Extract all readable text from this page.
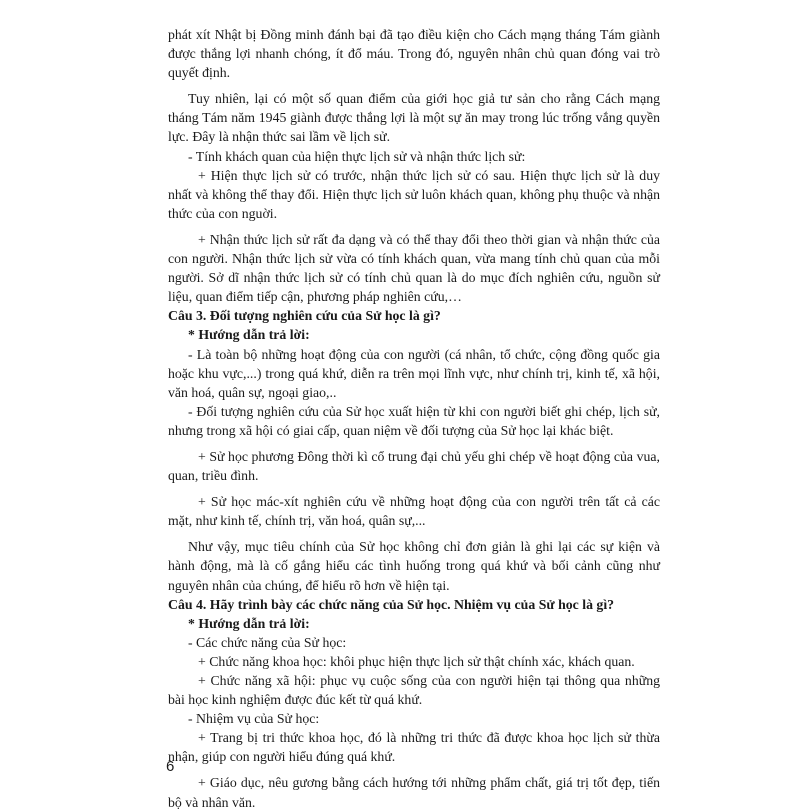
phát xít Nhật bị Đồng minh đánh bại đã tạo điều kiện cho Cách mạng tháng Tám giành được thắng lợi nhanh chóng, ít đổ máu. Trong đó, nguyên nhân chủ quan đóng vai trò quyết định.

Tuy nhiên, lại có một số quan điểm của giới học giả tư sản cho rằng Cách mạng tháng Tám năm 1945 giành được thắng lợi là một sự ăn may trong lúc trống vắng quyền lực. Đây là nhận thức sai lầm về lịch sử.

- Tính khách quan của hiện thực lịch sử và nhận thức lịch sử:

+ Hiện thực lịch sử có trước, nhận thức lịch sử có sau. Hiện thực lịch sử là duy nhất và không thể thay đổi. Hiện thực lịch sử luôn khách quan, không phụ thuộc và nhận thức của con nguời.

+ Nhận thức lịch sử rất đa dạng và có thể thay đổi theo thời gian và nhận thức của con người. Nhận thức lịch sử vừa có tính khách quan, vừa mang tính chủ quan của mỗi người. Sở dĩ nhận thức lịch sử có tính chủ quan là do mục đích nghiên cứu, nguồn sử liệu, quan điểm tiếp cận, phương pháp nghiên cứu,…

Câu 3. Đối tượng nghiên cứu của Sử học là gì?

* Hướng dẫn trả lời:

- Là toàn bộ những hoạt động của con người (cá nhân, tổ chức, cộng đồng quốc gia hoặc khu vực,...) trong quá khứ, diễn ra trên mọi lĩnh vực, như chính trị, kinh tế, xã hội, văn hoá, quân sự, ngoại giao,..

- Đối tượng nghiên cứu của Sử học xuất hiện từ khi con người biết ghi chép, lịch sử, nhưng trong xã hội có giai cấp, quan niệm về đối tượng của Sử học lại khác biệt.

+ Sử học phương Đông thời kì cổ trung đại chủ yếu ghi chép về hoạt động của vua, quan, triều đình.

+ Sử học mác-xít nghiên cứu về những hoạt động của con người trên tất cả các mặt, như kinh tế, chính trị, văn hoá, quân sự,...

Như vậy, mục tiêu chính của Sử học không chỉ đơn giản là ghi lại các sự kiện và hành động, mà là cố gắng hiểu các tình huống trong quá khứ và bối cảnh cũng như nguyên nhân của chúng, để hiểu rõ hơn về hiện tại.

Câu 4. Hãy trình bày các chức năng của Sử học. Nhiệm vụ của Sử học là gì?

* Hướng dẫn trả lời:

- Các chức năng của Sử học:

+ Chức năng khoa học: khôi phục hiện thực lịch sử thật chính xác, khách quan.

+ Chức năng xã hội: phục vụ cuộc sống của con người hiện tại thông qua những bài học kinh nghiệm được đúc kết từ quá khứ.

- Nhiệm vụ của Sử học:

+ Trang bị tri thức khoa học, đó là những tri thức đã được khoa học lịch sử thừa nhận, giúp con người hiểu đúng quá khứ.

+ Giáo dục, nêu gương bằng cách hướng tới những phẩm chất, giá trị tốt đẹp, tiến bộ và nhân văn.

6
